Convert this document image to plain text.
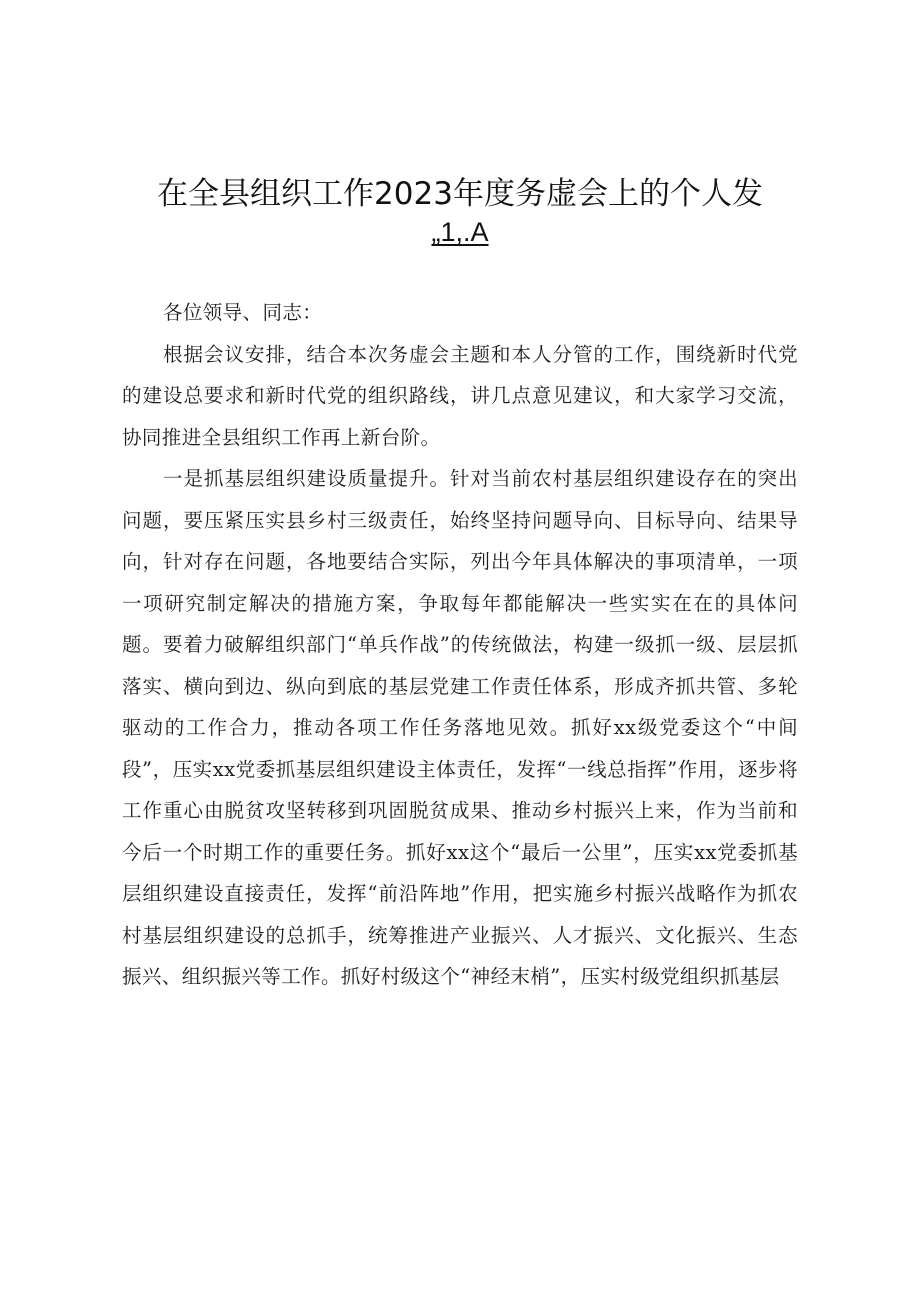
在全县组织工作2023年度务虚会上的个人发
„1,.A

各位领导、同志：

根据会议安排，结合本次务虚会主题和本人分管的工作，围绕新时代党的建设总要求和新时代党的组织路线，讲几点意见建议，和大家学习交流，协同推进全县组织工作再上新台阶。

一是抓基层组织建设质量提升。针对当前农村基层组织建设存在的突出问题，要压紧压实县乡村三级责任，始终坚持问题导向、目标导向、结果导向，针对存在问题，各地要结合实际，列出今年具体解决的事项清单，一项一项研究制定解决的措施方案，争取每年都能解决一些实实在在的具体问题。要着力破解组织部门“单兵作战”的传统做法，构建一级抓一级、层层抓落实、横向到边、纵向到底的基层党建工作责任体系，形成齐抓共管、多轮驱动的工作合力，推动各项工作任务落地见效。抓好xx级党委这个“中间段”，压实xx党委抓基层组织建设主体责任，发挥“一线总指挥”作用，逐步将工作重心由脱贫攻坚转移到巩固脱贫成果、推动乡村振兴上来，作为当前和今后一个时期工作的重要任务。抓好xx这个“最后一公里”，压实xx党委抓基层组织建设直接责任，发挥“前沿阵地”作用，把实施乡村振兴战略作为抓农村基层组织建设的总抓手，统筹推进产业振兴、人才振兴、文化振兴、生态振兴、组织振兴等工作。抓好村级这个“神经末梢”，压实村级党组织抓基层
